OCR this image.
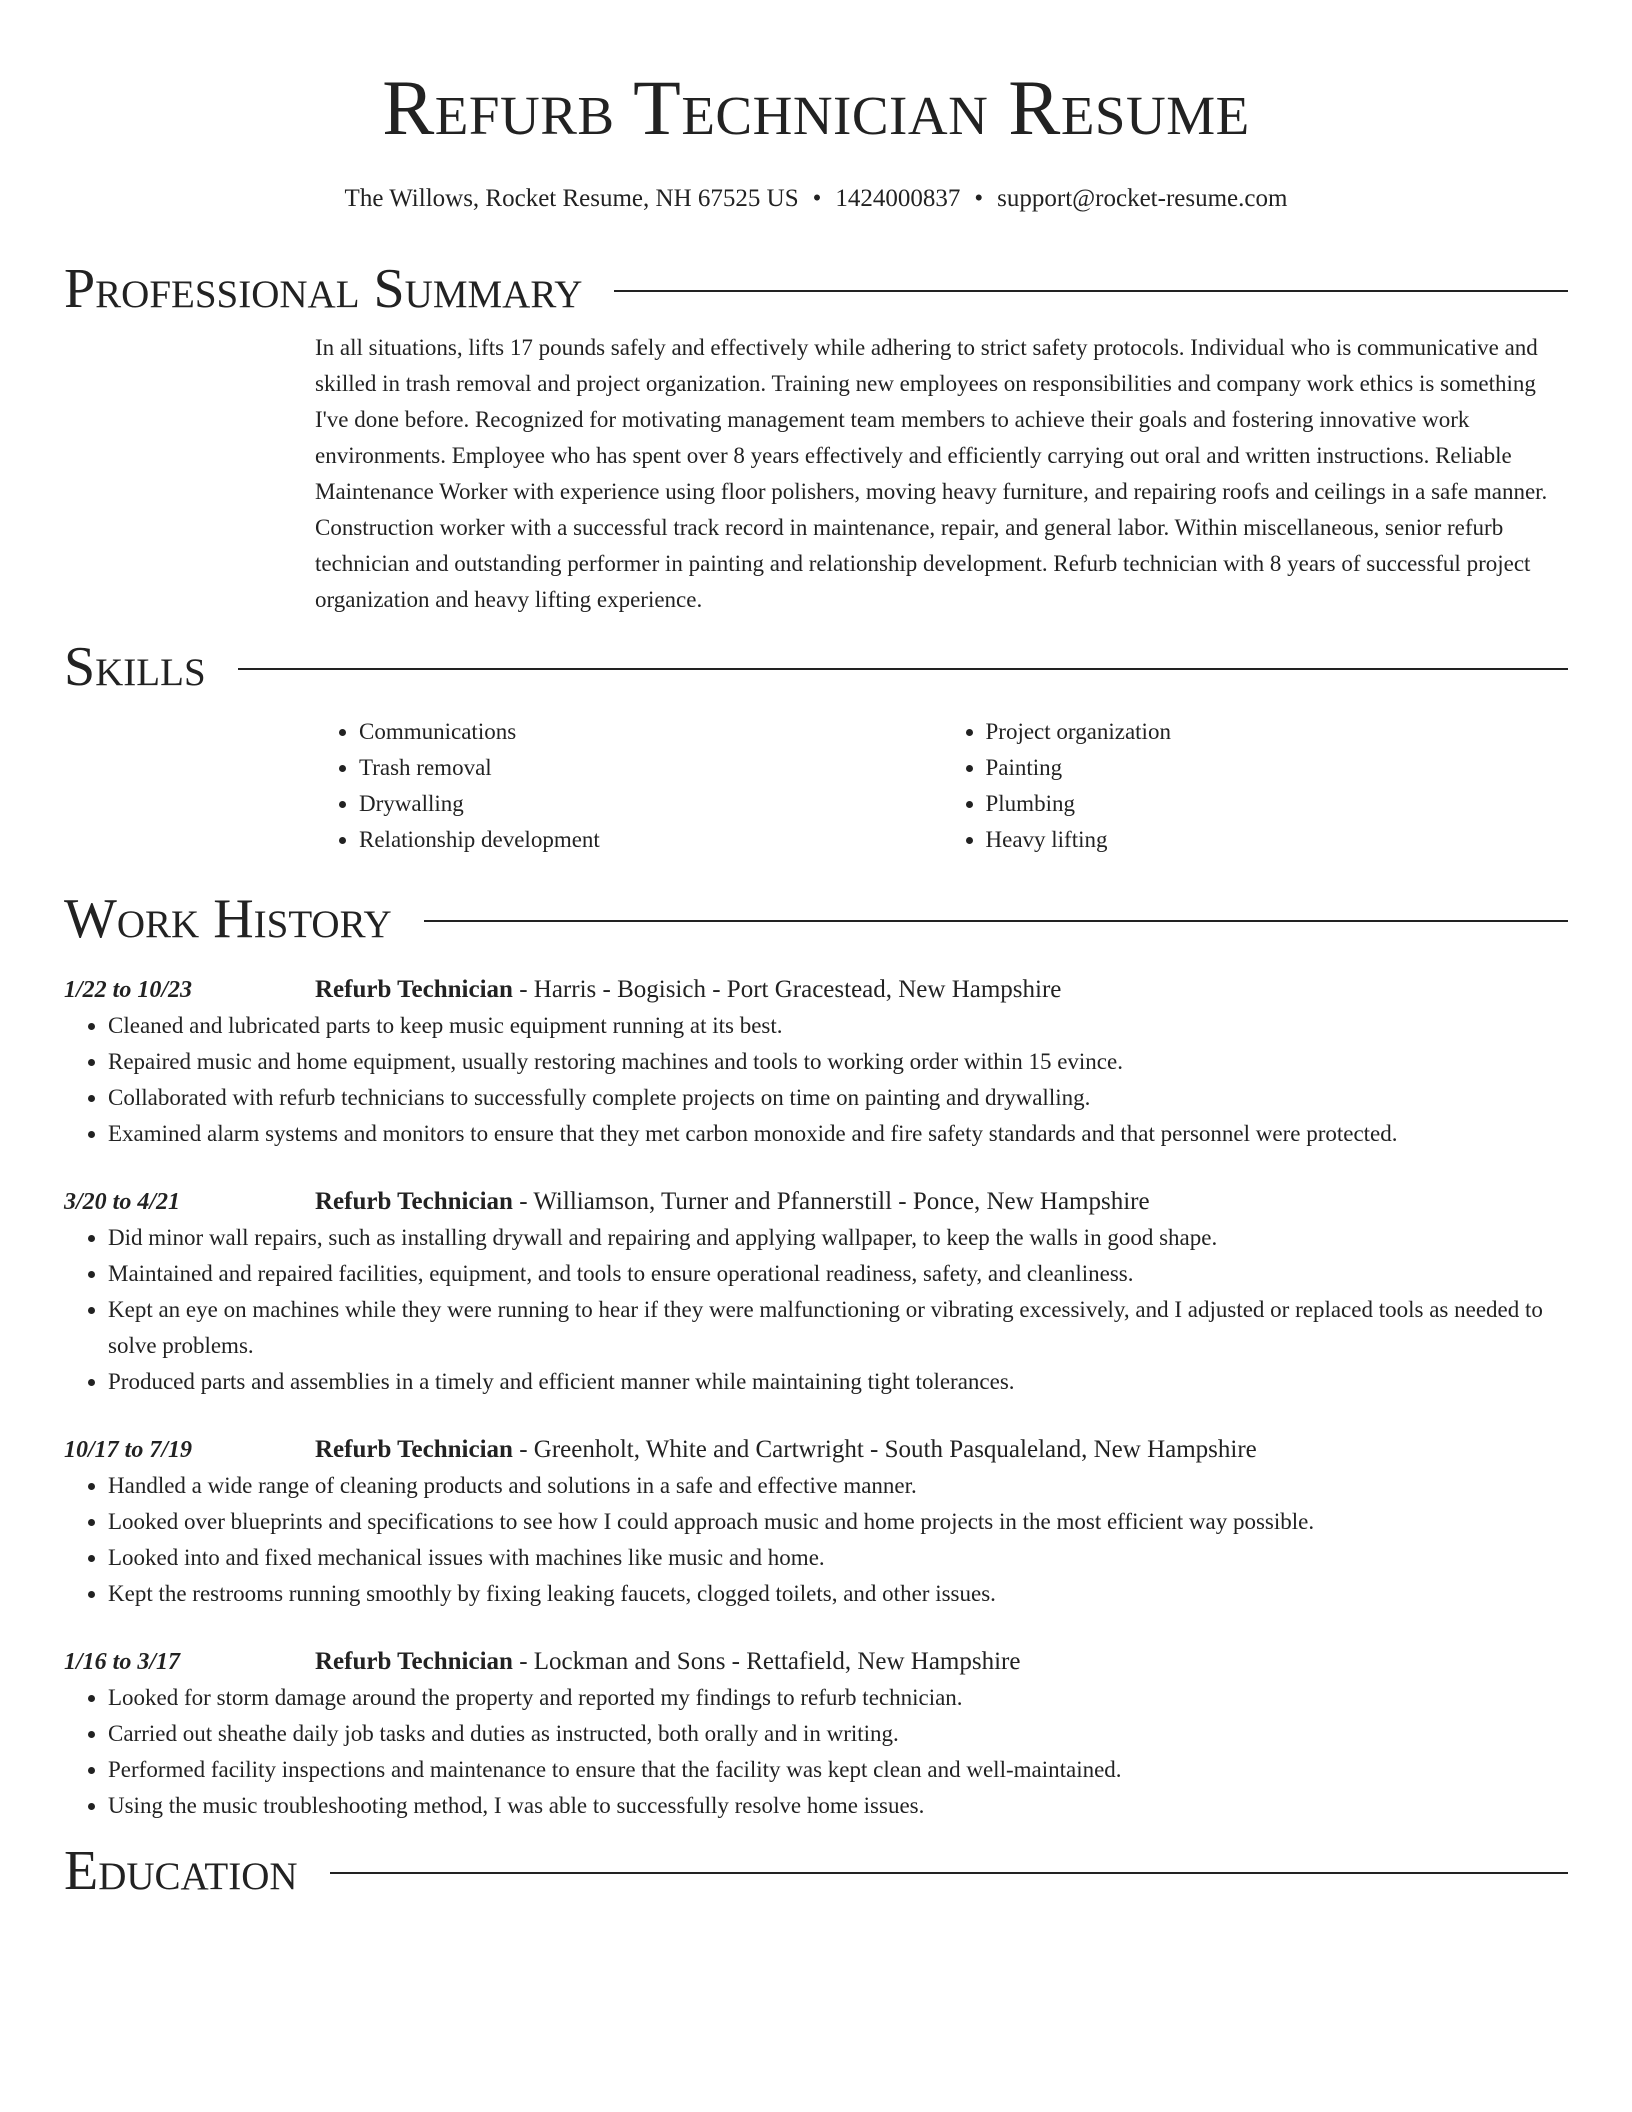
Refurb Technician Resume
The Willows, Rocket Resume, NH 67525 US • 1424000837 • support@rocket-resume.com
Professional Summary
In all situations, lifts 17 pounds safely and effectively while adhering to strict safety protocols. Individual who is communicative and skilled in trash removal and project organization. Training new employees on responsibilities and company work ethics is something I've done before. Recognized for motivating management team members to achieve their goals and fostering innovative work environments. Employee who has spent over 8 years effectively and efficiently carrying out oral and written instructions. Reliable Maintenance Worker with experience using floor polishers, moving heavy furniture, and repairing roofs and ceilings in a safe manner. Construction worker with a successful track record in maintenance, repair, and general labor. Within miscellaneous, senior refurb technician and outstanding performer in painting and relationship development. Refurb technician with 8 years of successful project organization and heavy lifting experience.
Skills
• Communications
• Trash removal
• Drywalling
• Relationship development
• Project organization
• Painting
• Plumbing
• Heavy lifting
Work History
1/22 to 10/23	Refurb Technician - Harris - Bogisich - Port Gracestead, New Hampshire
• Cleaned and lubricated parts to keep music equipment running at its best.
• Repaired music and home equipment, usually restoring machines and tools to working order within 15 evince.
• Collaborated with refurb technicians to successfully complete projects on time on painting and drywalling.
• Examined alarm systems and monitors to ensure that they met carbon monoxide and fire safety standards and that personnel were protected.
3/20 to 4/21	Refurb Technician - Williamson, Turner and Pfannerstill - Ponce, New Hampshire
• Did minor wall repairs, such as installing drywall and repairing and applying wallpaper, to keep the walls in good shape.
• Maintained and repaired facilities, equipment, and tools to ensure operational readiness, safety, and cleanliness.
• Kept an eye on machines while they were running to hear if they were malfunctioning or vibrating excessively, and I adjusted or replaced tools as needed to solve problems.
• Produced parts and assemblies in a timely and efficient manner while maintaining tight tolerances.
10/17 to 7/19	Refurb Technician - Greenholt, White and Cartwright - South Pasqualeland, New Hampshire
• Handled a wide range of cleaning products and solutions in a safe and effective manner.
• Looked over blueprints and specifications to see how I could approach music and home projects in the most efficient way possible.
• Looked into and fixed mechanical issues with machines like music and home.
• Kept the restrooms running smoothly by fixing leaking faucets, clogged toilets, and other issues.
1/16 to 3/17	Refurb Technician - Lockman and Sons - Rettafield, New Hampshire
• Looked for storm damage around the property and reported my findings to refurb technician.
• Carried out sheathe daily job tasks and duties as instructed, both orally and in writing.
• Performed facility inspections and maintenance to ensure that the facility was kept clean and well-maintained.
• Using the music troubleshooting method, I was able to successfully resolve home issues.
Education
